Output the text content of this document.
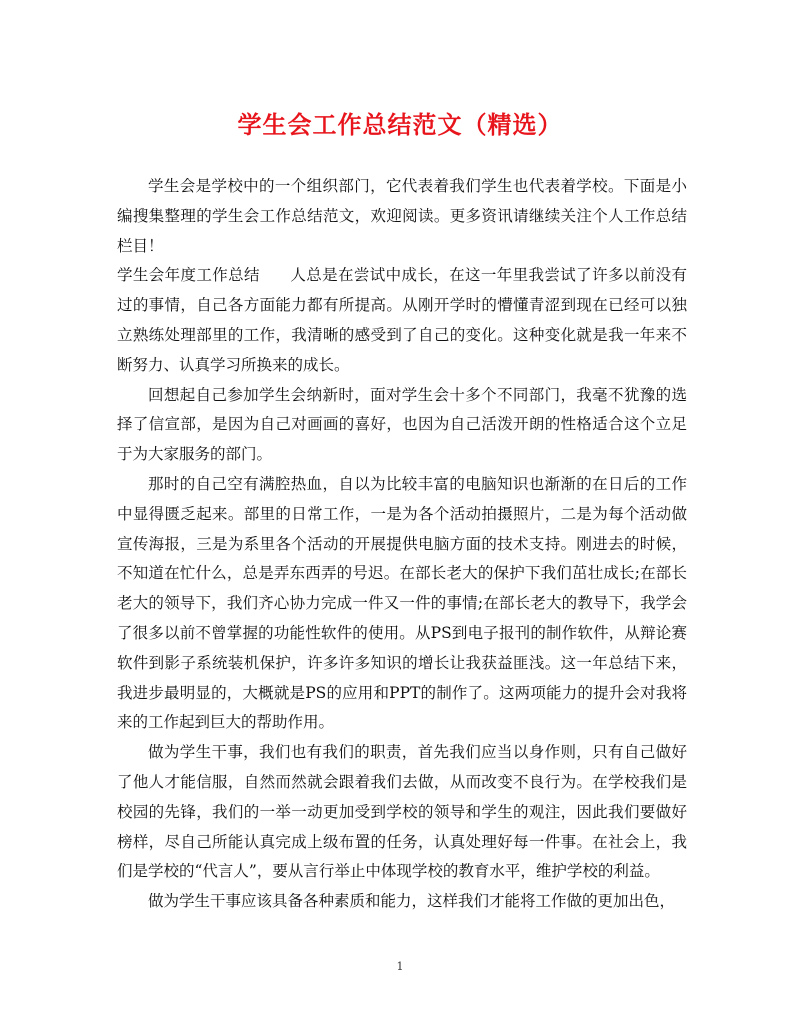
学生会工作总结范文（精选）

学生会是学校中的一个组织部门，它代表着我们学生也代表着学校。下面是小编搜集整理的学生会工作总结范文，欢迎阅读。更多资讯请继续关注个人工作总结栏目！

学生会年度工作总结 人总是在尝试中成长，在这一年里我尝试了许多以前没有过的事情，自己各方面能力都有所提高。从刚开学时的懵懂青涩到现在已经可以独立熟练处理部里的工作，我清晰的感受到了自己的变化。这种变化就是我一年来不断努力、认真学习所换来的成长。

回想起自己参加学生会纳新时，面对学生会十多个不同部门，我毫不犹豫的选择了信宣部，是因为自己对画画的喜好，也因为自己活泼开朗的性格适合这个立足于为大家服务的部门。

那时的自己空有满腔热血，自以为比较丰富的电脑知识也渐渐的在日后的工作中显得匮乏起来。部里的日常工作，一是为各个活动拍摄照片，二是为每个活动做宣传海报，三是为系里各个活动的开展提供电脑方面的技术支持。刚进去的时候，不知道在忙什么，总是弄东西弄的号迟。在部长老大的保护下我们茁壮成长;在部长老大的领导下，我们齐心协力完成一件又一件的事情;在部长老大的教导下，我学会了很多以前不曾掌握的功能性软件的使用。从PS到电子报刊的制作软件，从辩论赛软件到影子系统装机保护，许多许多知识的增长让我获益匪浅。这一年总结下来，我进步最明显的，大概就是PS的应用和PPT的制作了。这两项能力的提升会对我将来的工作起到巨大的帮助作用。

做为学生干事，我们也有我们的职责，首先我们应当以身作则，只有自己做好了他人才能信服，自然而然就会跟着我们去做，从而改变不良行为。在学校我们是校园的先锋，我们的一举一动更加受到学校的领导和学生的观注，因此我们要做好榜样，尽自己所能认真完成上级布置的任务，认真处理好每一件事。在社会上，我们是学校的“代言人”，要从言行举止中体现学校的教育水平，维护学校的利益。

做为学生干事应该具备各种素质和能力，这样我们才能将工作做的更加出色，

1
